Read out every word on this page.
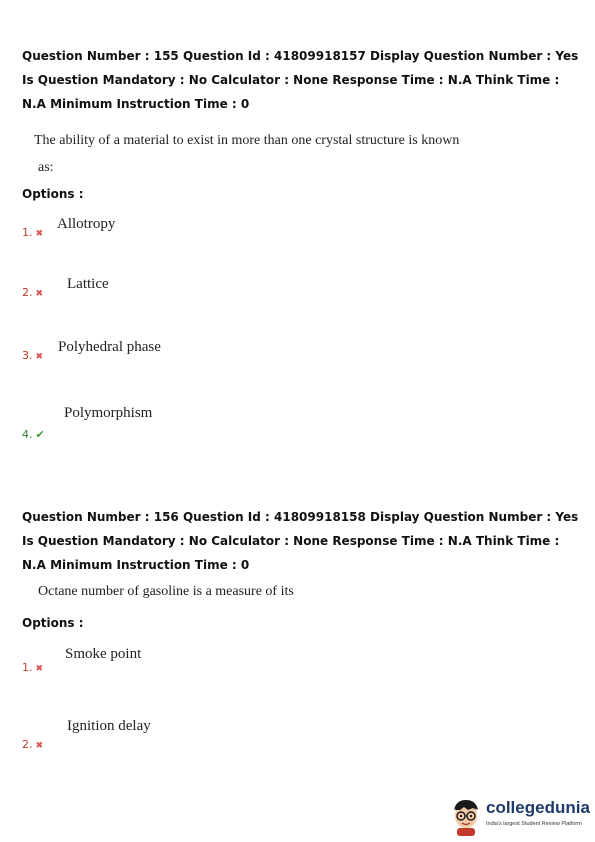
Question Number : 155 Question Id : 41809918157 Display Question Number : Yes Is Question Mandatory : No Calculator : None Response Time : N.A Think Time : N.A Minimum Instruction Time : 0
The ability of a material to exist in more than one crystal structure is known
as:
Options :
1. ✖
Allotropy
2. ✖
Lattice
3. ✖
Polyhedral phase
4. ✔
Polymorphism
Question Number : 156 Question Id : 41809918158 Display Question Number : Yes Is Question Mandatory : No Calculator : None Response Time : N.A Think Time : N.A Minimum Instruction Time : 0
Octane number of gasoline is a measure of its
Options :
1. ✖
Smoke point
2. ✖
Ignition delay
collegedunia
India's largest Student Review Platform
